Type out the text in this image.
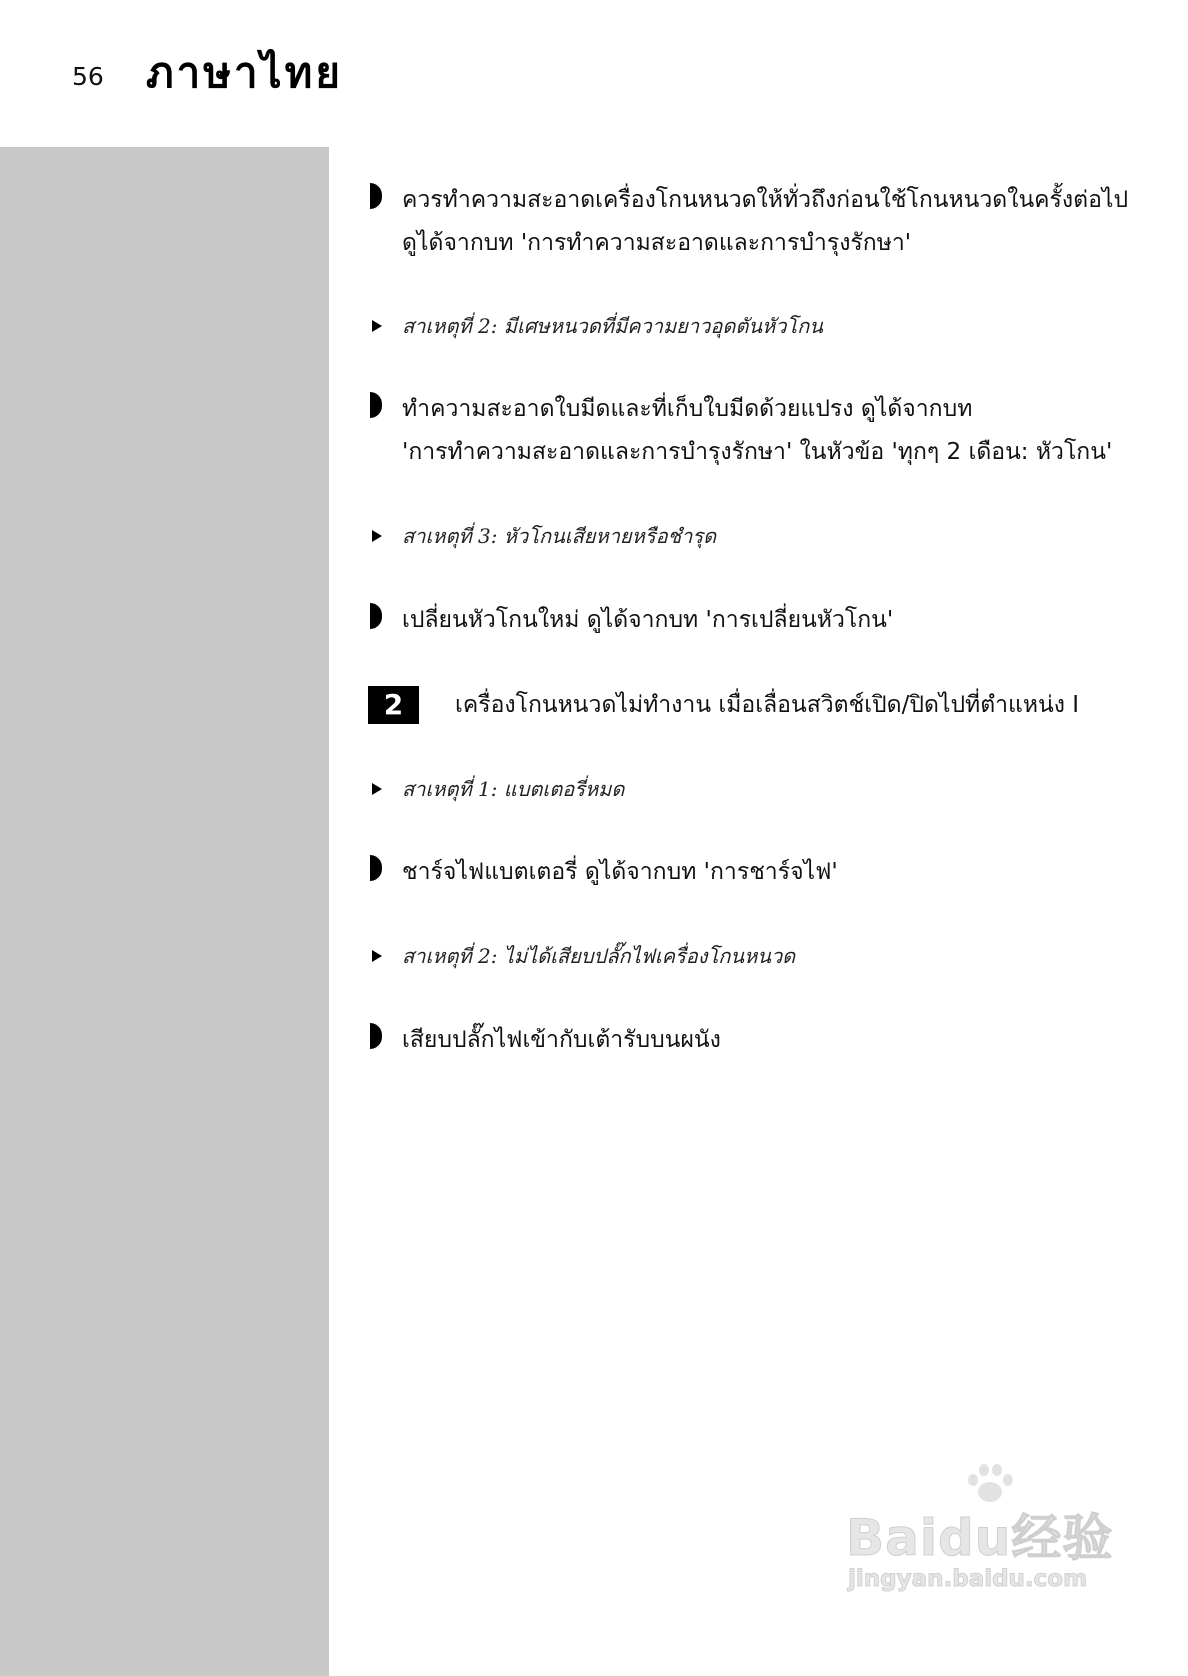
56 ภาษาไทย
ควรทำความสะอาดเครื่องโกนหนวดให้ทั่วถึงก่อนใช้โกนหนวดในครั้งต่อไป
ดูได้จากบท 'การทำความสะอาดและการบำรุงรักษา'
สาเหตุที่ 2: มีเศษหนวดที่มีความยาวอุดตันหัวโกน
ทำความสะอาดใบมีดและที่เก็บใบมีดด้วยแปรง ดูได้จากบท
'การทำความสะอาดและการบำรุงรักษา' ในหัวข้อ 'ทุกๆ 2 เดือน: หัวโกน'
สาเหตุที่ 3: หัวโกนเสียหายหรือชำรุด
เปลี่ยนหัวโกนใหม่ ดูได้จากบท 'การเปลี่ยนหัวโกน'
2	เครื่องโกนหนวดไม่ทำงาน เมื่อเลื่อนสวิตช์เปิด/ปิดไปที่ตำแหน่ง I
สาเหตุที่ 1: แบตเตอรี่หมด
ชาร์จไฟแบตเตอรี่ ดูได้จากบท 'การชาร์จไฟ'
สาเหตุที่ 2: ไม่ได้เสียบปลั๊กไฟเครื่องโกนหนวด
เสียบปลั๊กไฟเข้ากับเต้ารับบนผนัง
Baidu经验
jingyan.baidu.com
